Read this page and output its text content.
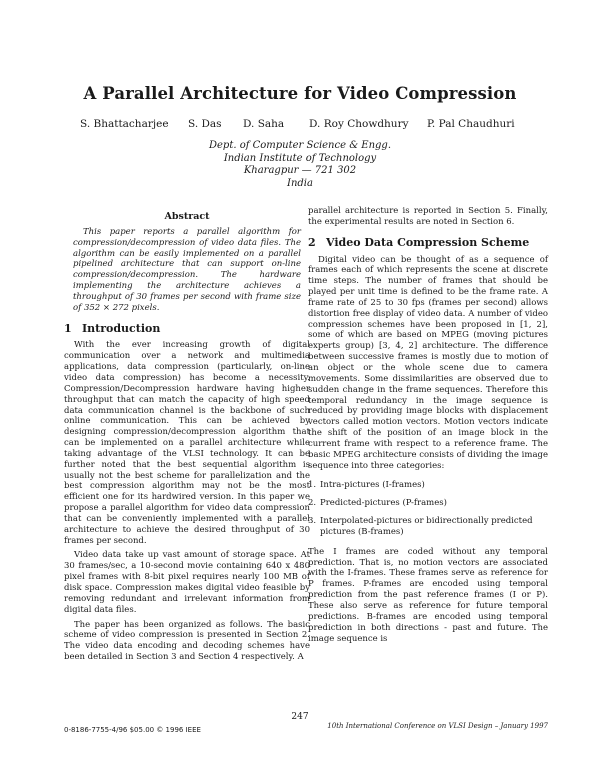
A Parallel Architecture for Video Compression
S. Bhattacharjee S. Das D. Saha D. Roy Chowdhury P. Pal Chaudhuri
Dept. of Computer Science & Engg.
Indian Institute of Technology
Kharagpur — 721 302
India
Abstract
This paper reports a parallel algorithm for compression/decompression of video data files. The algorithm can be easily implemented on a parallel pipelined architecture that can support on-line compression/decompression. The hardware implementing the architecture achieves a throughput of 30 frames per second with frame size of 352 × 272 pixels.
1 Introduction

With the ever increasing growth of digital communication over a network and multimedia applications, data compression (particularly, on-line video data compression) has become a necessity. Compression/Decompression hardware having higher throughput that can match the capacity of high speed data communication channel is the backbone of such online communication. This can be achieved by designing compression/decompression algorithm that can be implemented on a parallel architecture while taking advantage of the VLSI technology. It can be further noted that the best sequential algorithm is usually not the best scheme for parallelization and the best compression algorithm may not be the most efficient one for its hardwired version. In this paper we propose a parallel algorithm for video data compression that can be conveniently implemented with a parallel architecture to achieve the desired throughput of 30 frames per second.

Video data take up vast amount of storage space. At 30 frames/sec, a 10-second movie containing 640 x 480 pixel frames with 8-bit pixel requires nearly 100 MB of disk space. Compression makes digital video feasible by removing redundant and irrelevant information from digital data files.

The paper has been organized as follows. The basic scheme of video compression is presented in Section 2. The video data encoding and decoding schemes have been detailed in Section 3 and Section 4 respectively. A

parallel architecture is reported in Section 5. Finally, the experimental results are noted in Section 6.

2 Video Data Compression Scheme

Digital video can be thought of as a sequence of frames each of which represents the scene at discrete time steps. The number of frames that should be played per unit time is defined to be the frame rate. A frame rate of 25 to 30 fps (frames per second) allows distortion free display of video data. A number of video compression schemes have been proposed in [1, 2], some of which are based on MPEG (moving pictures experts group) [3, 4, 2] architecture. The difference between successive frames is mostly due to motion of an object or the whole scene due to camera movements. Some dissimilarities are observed due to sudden change in the frame sequences. Therefore this temporal redundancy in the image sequence is reduced by providing image blocks with displacement vectors called motion vectors. Motion vectors indicate the shift of the position of an image block in the current frame with respect to a reference frame. The basic MPEG architecture consists of dividing the image sequence into three categories:

1. Intra-pictures (I-frames)
2. Predicted-pictures (P-frames)
3. Interpolated-pictures or bidirectionally predicted pictures (B-frames)

The I frames are coded without any temporal prediction. That is, no motion vectors are associated with the I-frames. These frames serve as reference for P frames. P-frames are encoded using temporal prediction from the past reference frames (I or P). These also serve as reference for future temporal predictions. B-frames are encoded using temporal prediction in both directions - past and future. The image sequence is

247
0-8186-7755-4/96 $05.00 © 1996 IEEE	10th International Conference on VLSI Design – January 1997
